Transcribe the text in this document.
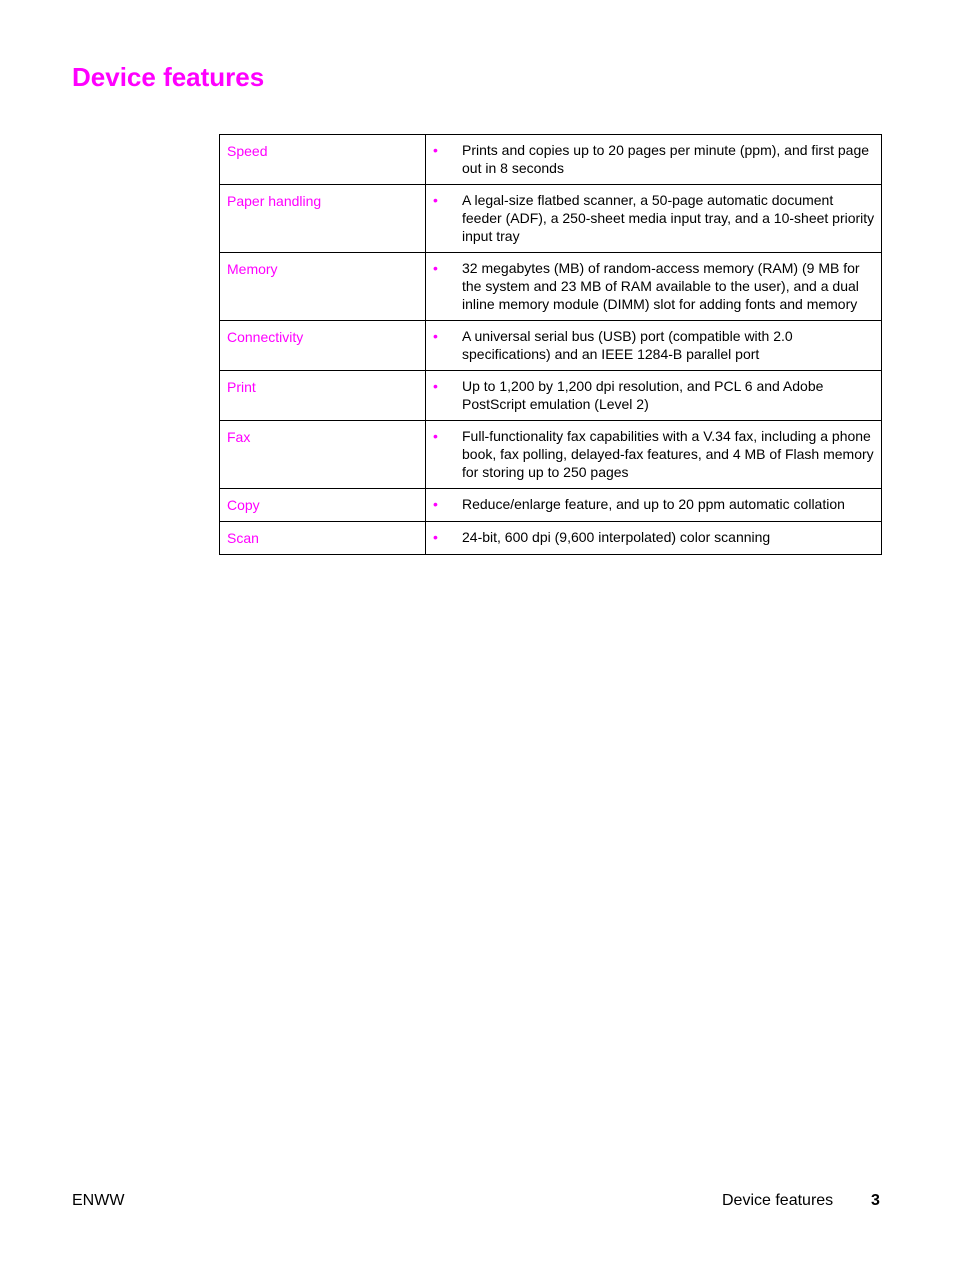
Device features
Speed	• Prints and copies up to 20 pages per minute (ppm), and first page out in 8 seconds

Paper handling	• A legal-size flatbed scanner, a 50-page automatic document feeder (ADF), a 250-sheet media input tray, and a 10-sheet priority input tray

Memory	• 32 megabytes (MB) of random-access memory (RAM) (9 MB for the system and 23 MB of RAM available to the user), and a dual inline memory module (DIMM) slot for adding fonts and memory

Connectivity	• A universal serial bus (USB) port (compatible with 2.0 specifications) and an IEEE 1284-B parallel port

Print	• Up to 1,200 by 1,200 dpi resolution, and PCL 6 and Adobe PostScript emulation (Level 2)

Fax	• Full-functionality fax capabilities with a V.34 fax, including a phone book, fax polling, delayed-fax features, and 4 MB of Flash memory for storing up to 250 pages

Copy	• Reduce/enlarge feature, and up to 20 ppm automatic collation

Scan	• 24-bit, 600 dpi (9,600 interpolated) color scanning
ENWW	Device features 3
